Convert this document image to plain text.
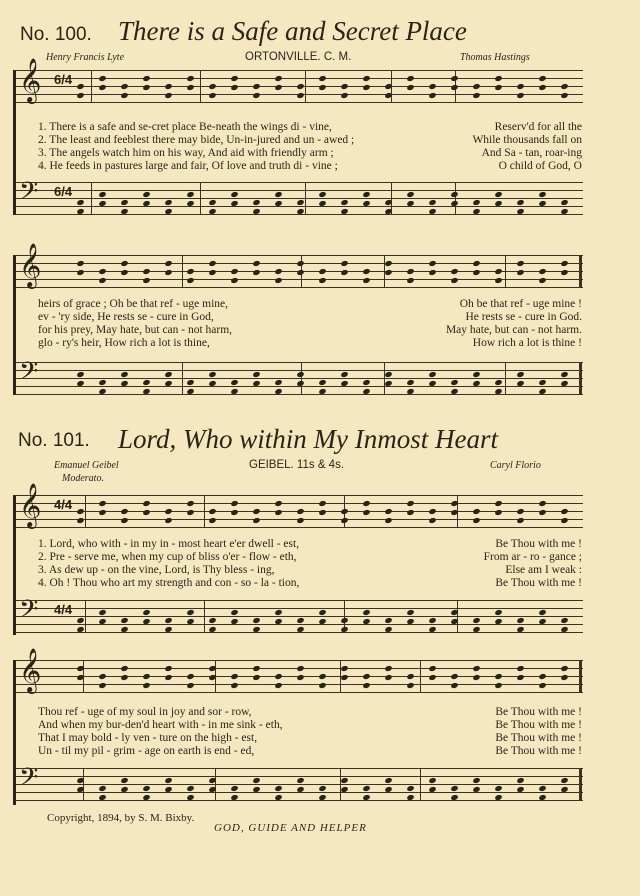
No. 100. There is a Safe and Secret Place
Henry Francis Lyte	ORTONVILLE. C. M.	Thomas Hastings
𝄞 6/4
𝄢 6/4
𝄞
𝄢
No. 101. Lord, Who within My Inmost Heart
Emanuel Geibel	GEIBEL. 11s & 4s.	Caryl Florio
Moderato.
𝄞 4/4
𝄢 4/4
𝄞
𝄢
Copyright, 1894, by S. M. Bixby.
GOD, GUIDE AND HELPER
1. There is a safe and se-cret place Be-neath the wings di - vine,	Reserv'd for all the
2. The least and feeblest there may bide, Un-in-jured and un - awed ;	While thousands fall on
3. The angels watch him on his way, And aid with friendly arm ;	And Sa - tan, roar-ing
4. He feeds in pastures large and fair, Of love and truth di - vine ;	O child of God, O
heirs of grace ; Oh be that ref - uge mine,	Oh be that ref - uge mine !
ev - 'ry side, He rests se - cure in God,	He rests se - cure in God.
for his prey, May hate, but can - not harm,	May hate, but can - not harm.
glo - ry's heir, How rich a lot is thine,	How rich a lot is thine !
1. Lord, who with - in my in - most heart e'er dwell - est,	Be Thou with me !
2. Pre - serve me, when my cup of bliss o'er - flow - eth,	From ar - ro - gance ;
3. As dew up - on the vine, Lord, is Thy bless - ing,	Else am I weak :
4. Oh ! Thou who art my strength and con - so - la - tion,	Be Thou with me !
Thou ref - uge of my soul in joy and sor - row,	Be Thou with me !
And when my bur-den'd heart with - in me sink - eth,	Be Thou with me !
That I may bold - ly ven - ture on the high - est,	Be Thou with me !
Un - til my pil - grim - age on earth is end - ed,	Be Thou with me !
